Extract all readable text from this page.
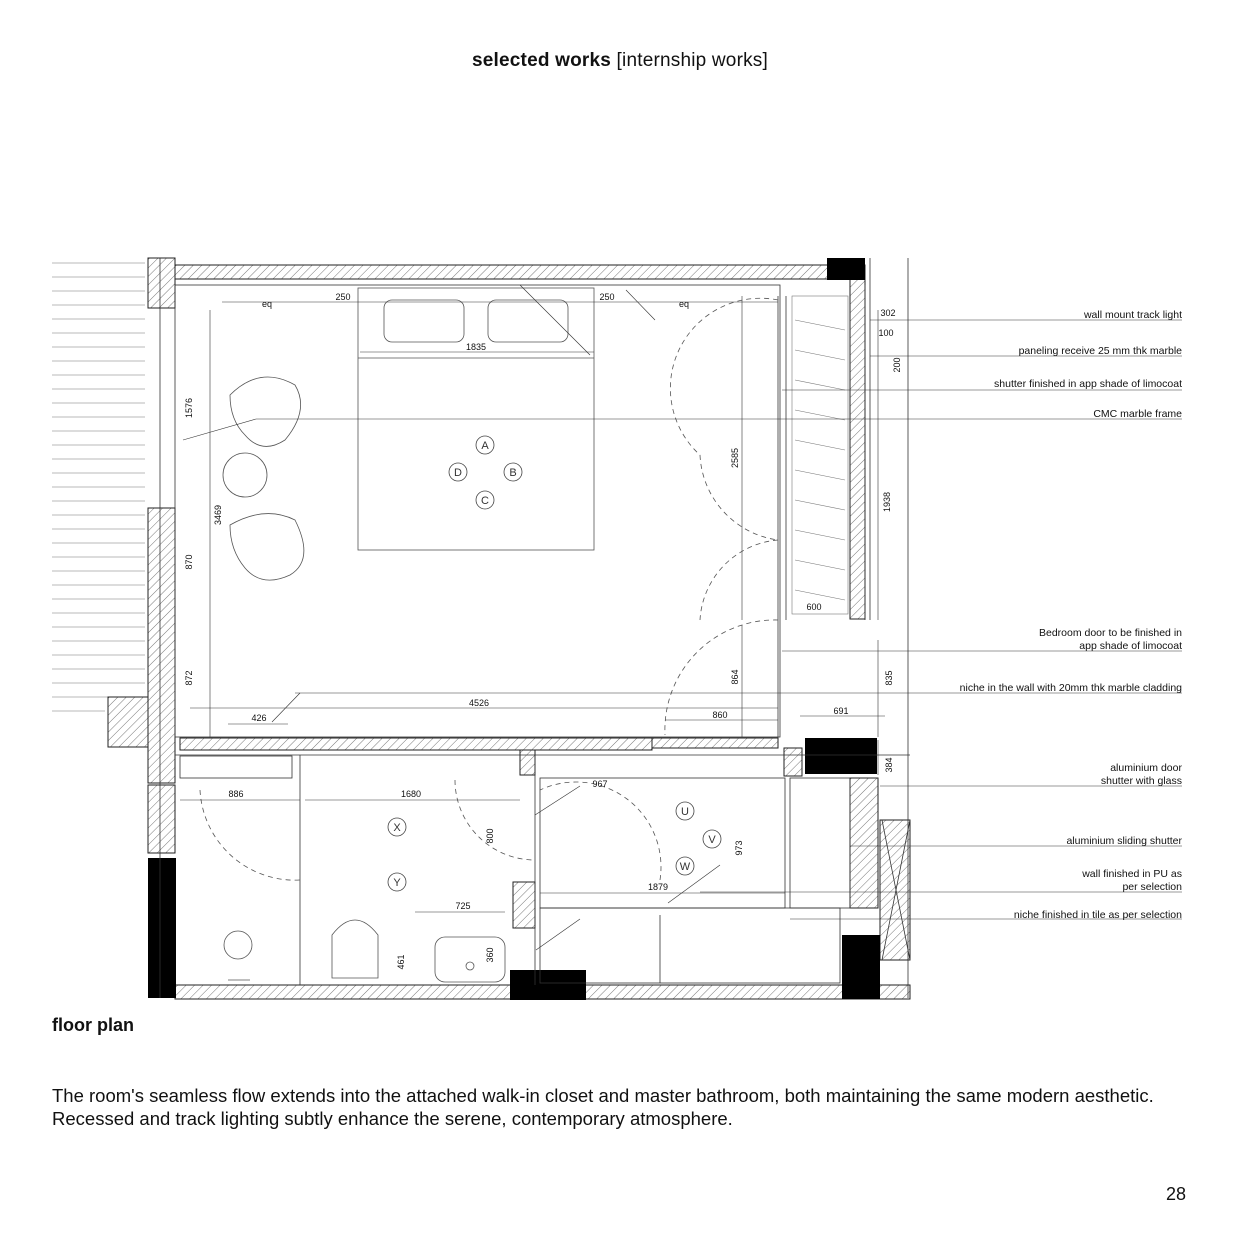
selected works [internship works]
A
B
C
D
X
Y
U
V
W
250
eq
1835
250
eq
302
100
200
1576
3469
2585
1938
870
872
600
864	835
4526
426	860	691
384
886	1680
967
800
973
1879
725
461	360
wall mount track light
paneling receive 25 mm thk marble
shutter finished in app shade of limocoat
CMC marble frame
Bedroom door to be finished in
app shade of limocoat
niche in the wall with 20mm thk marble cladding
aluminium door
shutter with glass
aluminium sliding shutter
wall finished in PU as
per selection
niche finished in tile as per selection
floor plan
The room's seamless flow extends into the attached walk-in closet and master bathroom, both maintaining the same modern aesthetic. Recessed and track lighting subtly enhance the serene, contemporary atmosphere.
28
